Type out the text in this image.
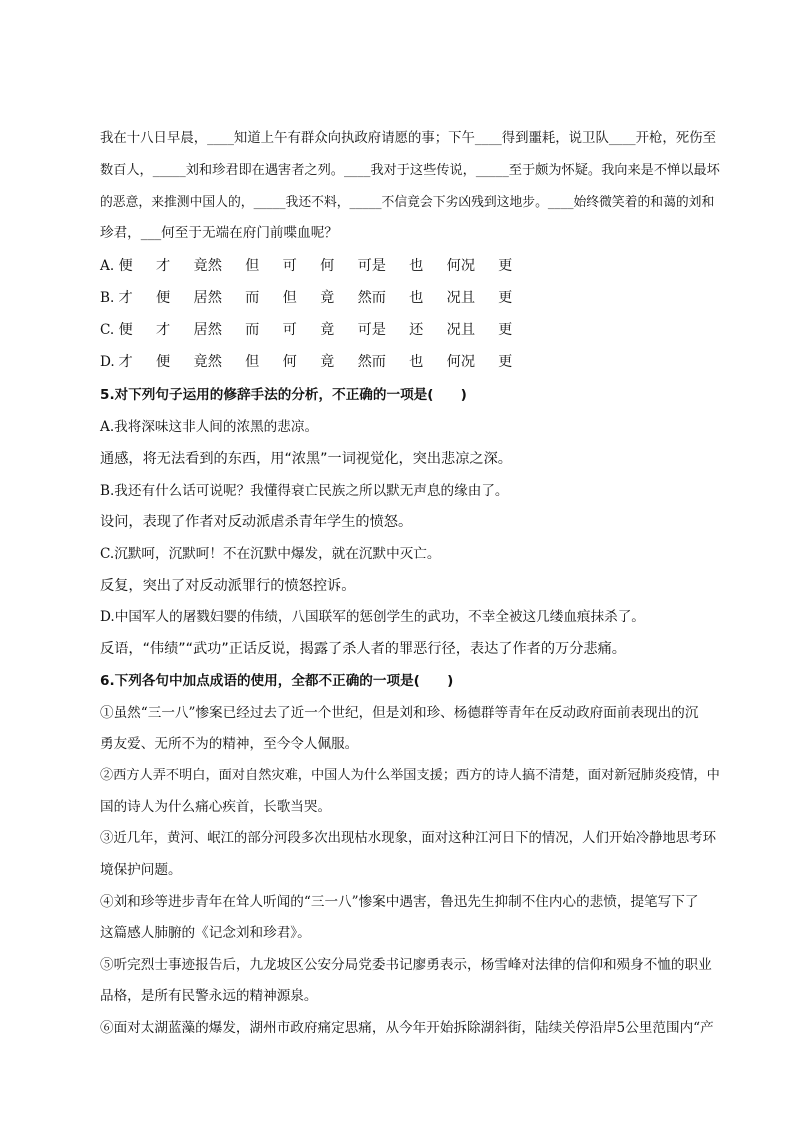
我在十八日早晨，____知道上午有群众向执政府请愿的事；下午____得到噩耗，说卫队____开枪，死伤至
数百人，_____刘和珍君即在遇害者之列。____我对于这些传说，_____至于颇为怀疑。我向来是不惮以最坏
的恶意，来推测中国人的，_____我还不料，_____不信竟会下劣凶残到这地步。____始终微笑着的和蔼的刘和
珍君，___何至于无端在府门前喋血呢？
A. 便 才 竟然 但 可 何 可是 也 何况 更
B. 才 便 居然 而 但 竟 然而 也 况且 更
C. 便 才 居然 而 可 竟 可是 还 况且 更
D. 才 便 竟然 但 何 竟 然而 也 何况 更
5.对下列句子运用的修辞手法的分析，不正确的一项是(　　)
A.我将深味这非人间的浓黑的悲凉。
通感，将无法看到的东西，用“浓黑”一词视觉化，突出悲凉之深。
B.我还有什么话可说呢？我懂得衰亡民族之所以默无声息的缘由了。
设问，表现了作者对反动派虐杀青年学生的愤怒。
C.沉默呵，沉默呵！不在沉默中爆发，就在沉默中灭亡。
反复，突出了对反动派罪行的愤怒控诉。
D.中国军人的屠戮妇婴的伟绩，八国联军的惩创学生的武功，不幸全被这几缕血痕抹杀了。
反语，“伟绩”“武功”正话反说，揭露了杀人者的罪恶行径，表达了作者的万分悲痛。
6.下列各句中加点成语的使用，全都不正确的一项是(　　)
①虽然“三一八”惨案已经过去了近一个世纪，但是刘和珍、杨德群等青年在反动政府面前表现出的沉
勇友爱、无所不为的精神，至今令人佩服。
②西方人弄不明白，面对自然灾难，中国人为什么举国支援；西方的诗人搞不清楚，面对新冠肺炎疫情，中
国的诗人为什么痛心疾首，长歌当哭。
③近几年，黄河、岷江的部分河段多次出现枯水现象，面对这种江河日下的情况，人们开始冷静地思考环
境保护问题。
④刘和珍等进步青年在耸人听闻的“三一八”惨案中遇害，鲁迅先生抑制不住内心的悲愤，提笔写下了
这篇感人肺腑的《记念刘和珍君》。
⑤听完烈士事迹报告后，九龙坡区公安分局党委书记廖勇表示，杨雪峰对法律的信仰和殒身不恤的职业
品格，是所有民警永远的精神源泉。
⑥面对太湖蓝藻的爆发，湖州市政府痛定思痛，从今年开始拆除湖斜街，陆续关停沿岸5公里范围内“产
